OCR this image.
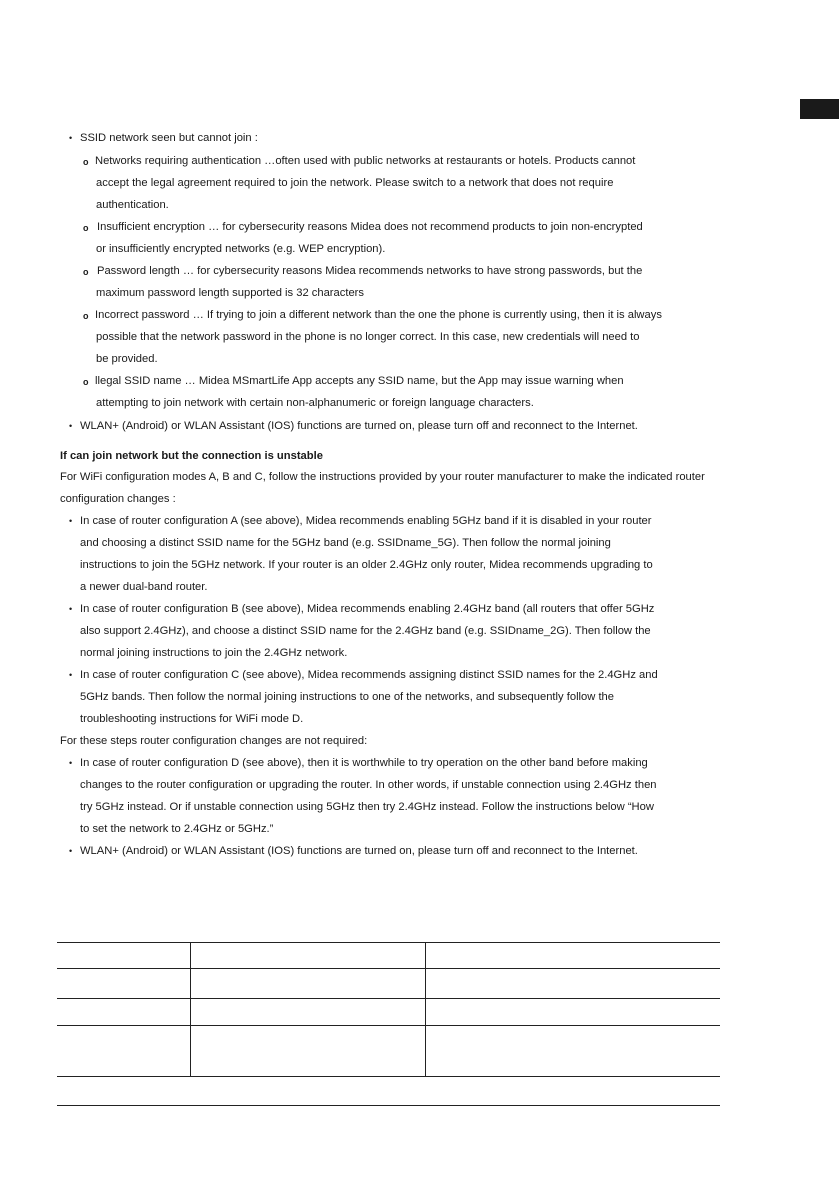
• SSID network seen but cannot join :
o Networks requiring authentication …often used with public networks at restaurants or hotels. Products cannot
accept the legal agreement required to join the network. Please switch to a network that does not require
authentication.
o Insufficient encryption … for cybersecurity reasons Midea does not recommend products to join non-encrypted
or insufficiently encrypted networks (e.g. WEP encryption).
o Password length … for cybersecurity reasons Midea recommends networks to have strong passwords, but the
maximum password length supported is 32 characters
o Incorrect password … If trying to join a different network than the one the phone is currently using, then it is always
possible that the network password in the phone is no longer correct. In this case, new credentials will need to
be provided.
o llegal SSID name … Midea MSmartLife App accepts any SSID name, but the App may issue warning when
attempting to join network with certain non-alphanumeric or foreign language characters.
• WLAN+ (Android) or WLAN Assistant (IOS) functions are turned on, please turn off and reconnect to the Internet.
If can join network but the connection is unstable
For WiFi configuration modes A, B and C, follow the instructions provided by your router manufacturer to make the indicated router
configuration changes :
• In case of router configuration A (see above), Midea recommends enabling 5GHz band if it is disabled in your router
and choosing a distinct SSID name for the 5GHz band (e.g. SSIDname_5G). Then follow the normal joining
instructions to join the 5GHz network. If your router is an older 2.4GHz only router, Midea recommends upgrading to
a newer dual-band router.
• In case of router configuration B (see above), Midea recommends enabling 2.4GHz band (all routers that offer 5GHz
also support 2.4GHz), and choose a distinct SSID name for the 2.4GHz band (e.g. SSIDname_2G). Then follow the
normal joining instructions to join the 2.4GHz network.
• In case of router configuration C (see above), Midea recommends assigning distinct SSID names for the 2.4GHz and
5GHz bands. Then follow the normal joining instructions to one of the networks, and subsequently follow the
troubleshooting instructions for WiFi mode D.
For these steps router configuration changes are not required:
• In case of router configuration D (see above), then it is worthwhile to try operation on the other band before making
changes to the router configuration or upgrading the router. In other words, if unstable connection using 2.4GHz then
try 5GHz instead. Or if unstable connection using 5GHz then try 2.4GHz instead. Follow the instructions below “How
to set the network to 2.4GHz or 5GHz.”
• WLAN+ (Android) or WLAN Assistant (IOS) functions are turned on, please turn off and reconnect to the Internet.
